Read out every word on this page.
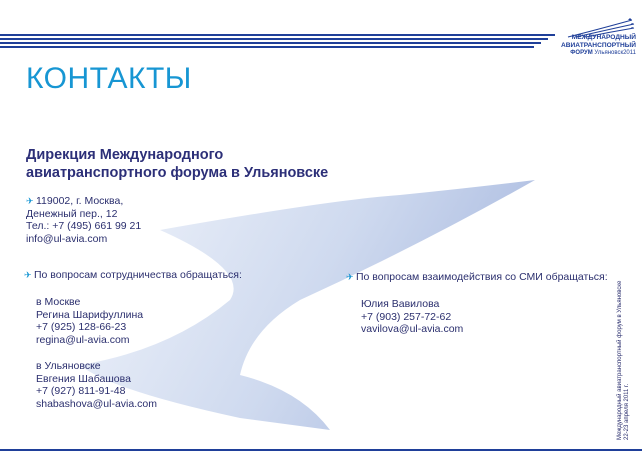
МЕЖДУНАРОДНЫЙ
АВИАТРАНСПОРТНЫЙ
ФОРУМ Ульяновск2011
КОНТАКТЫ
Дирекция Международного
авиатранспортного форума в Ульяновске
✈ 119002, г. Москва,
Денежный пер., 12
Тел.: +7 (495) 661 99 21
info@ul-avia.com
✈ По вопросам сотрудничества обращаться:
в Москве
Регина Шарифуллина
+7 (925) 128-66-23
regina@ul-avia.com
в Ульяновске
Евгения Шабашова
+7 (927) 811-91-48
shabashova@ul-avia.com
✈ По вопросам взаимодействия со СМИ обращаться:
Юлия Вавилова
+7 (903) 257-72-62
vavilova@ul-avia.com	Международный авиатранспортный форум в Ульяновске 22-23 апреля 2011 г.
